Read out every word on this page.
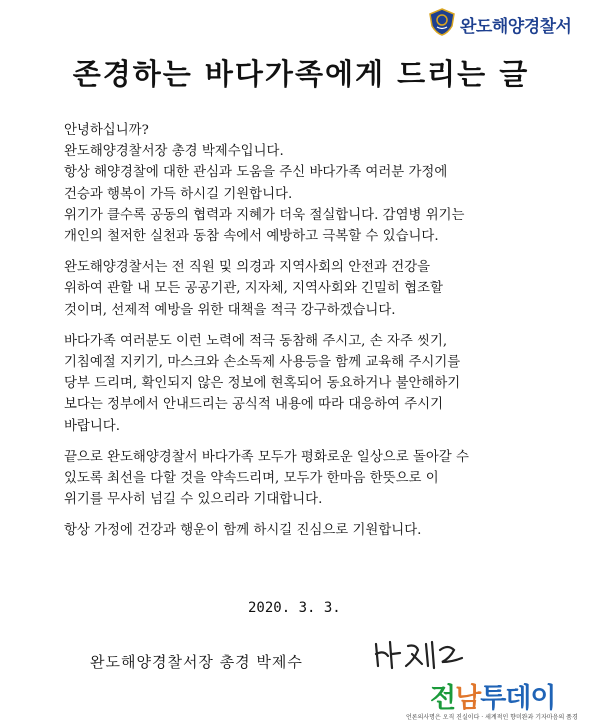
완도해양경찰서
존경하는 바다가족에게 드리는 글

안녕하십니까?
완도해양경찰서장 총경 박제수입니다.
항상 해양경찰에 대한 관심과 도움을 주신 바다가족 여러분 가정에
건승과 행복이 가득 하시길 기원합니다.
위기가 클수록 공동의 협력과 지혜가 더욱 절실합니다. 감염병 위기는
개인의 철저한 실천과 동참 속에서 예방하고 극복할 수 있습니다.

완도해양경찰서는 전 직원 및 의경과 지역사회의 안전과 건강을
위하여 관할 내 모든 공공기관, 지자체, 지역사회와 긴밀히 협조할
것이며, 선제적 예방을 위한 대책을 적극 강구하겠습니다.

바다가족 여러분도 이런 노력에 적극 동참해 주시고, 손 자주 씻기,
기침예절 지키기, 마스크와 손소독제 사용등을 함께 교육해 주시기를
당부 드리며, 확인되지 않은 정보에 현혹되어 동요하거나 불안해하기
보다는 정부에서 안내드리는 공식적 내용에 따라 대응하여 주시기
바랍니다.

끝으로 완도해양경찰서 바다가족 모두가 평화로운 일상으로 돌아갈 수
있도록 최선을 다할 것을 약속드리며, 모두가 한마음 한뜻으로 이
위기를 무사히 넘길 수 있으리라 기대합니다.

항상 가정에 건강과 행운이 함께 하시길 진심으로 기원합니다.

2020. 3. 3.
완도해양경찰서장 총경 박제수
전남투데이
언론의사명은 오직 진실이다 · 세계적인 향미완과 기자마음의 품경
